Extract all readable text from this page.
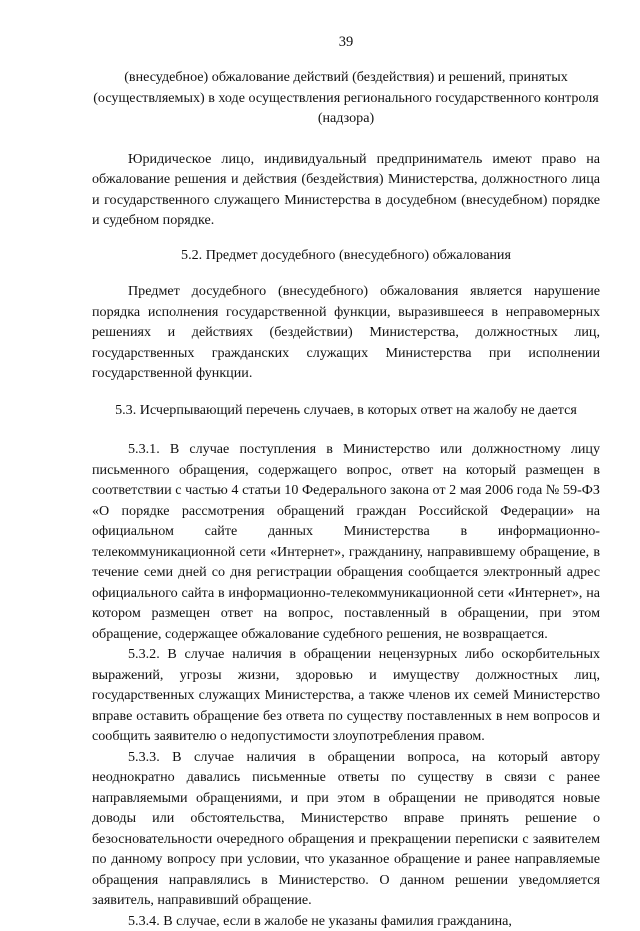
39

(внесудебное) обжалование действий (бездействия) и решений, принятых (осуществляемых) в ходе осуществления регионального государственного контроля (надзора)

Юридическое лицо, индивидуальный предприниматель имеют право на обжалование решения и действия (бездействия) Министерства, должностного лица и государственного служащего Министерства в досудебном (внесудебном) порядке и судебном порядке.

5.2. Предмет досудебного (внесудебного) обжалования

Предмет досудебного (внесудебного) обжалования является нарушение порядка исполнения государственной функции, выразившееся в неправомерных решениях и действиях (бездействии) Министерства, должностных лиц, государственных гражданских служащих Министерства при исполнении государственной функции.

5.3. Исчерпывающий перечень случаев, в которых ответ на жалобу не дается

5.3.1. В случае поступления в Министерство или должностному лицу письменного обращения, содержащего вопрос, ответ на который размещен в соответствии с частью 4 статьи 10 Федерального закона от 2 мая 2006 года № 59-ФЗ «О порядке рассмотрения обращений граждан Российской Федерации» на официальном сайте данных Министерства в информационно-телекоммуникационной сети «Интернет», гражданину, направившему обращение, в течение семи дней со дня регистрации обращения сообщается электронный адрес официального сайта в информационно-телекоммуникационной сети «Интернет», на котором размещен ответ на вопрос, поставленный в обращении, при этом обращение, содержащее обжалование судебного решения, не возвращается.

5.3.2. В случае наличия в обращении нецензурных либо оскорбительных выражений, угрозы жизни, здоровью и имуществу должностных лиц, государственных служащих Министерства, а также членов их семей Министерство вправе оставить обращение без ответа по существу поставленных в нем вопросов и сообщить заявителю о недопустимости злоупотребления правом.

5.3.3. В случае наличия в обращении вопроса, на который автору неоднократно давались письменные ответы по существу в связи с ранее направляемыми обращениями, и при этом в обращении не приводятся новые доводы или обстоятельства, Министерство вправе принять решение о безосновательности очередного обращения и прекращении переписки с заявителем по данному вопросу при условии, что указанное обращение и ранее направляемые обращения направлялись в Министерство. О данном решении уведомляется заявитель, направивший обращение.

5.3.4. В случае, если в жалобе не указаны фамилия гражданина,
